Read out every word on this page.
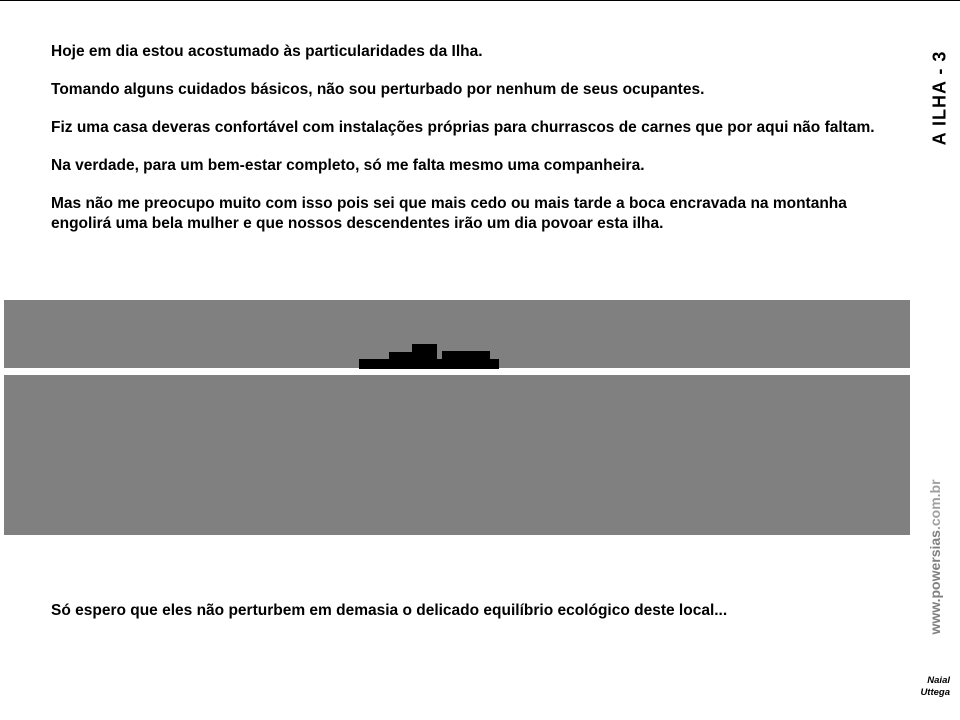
Hoje em dia estou acostumado às particularidades da Ilha.

Tomando alguns cuidados básicos, não sou perturbado por nenhum de seus ocupantes.

Fiz uma casa deveras confortável com instalações próprias para churrascos de carnes que por aqui não faltam.

Na verdade, para um bem-estar completo, só me falta mesmo uma companheira.

Mas não me preocupo muito com isso pois sei que mais cedo ou mais tarde a boca encravada na montanha engolirá uma bela mulher e que nossos descendentes irão um dia povoar esta ilha.

Só espero que eles não perturbem em demasia o delicado equilíbrio ecológico deste local...

A ILHA - 3
www.powersias.com.br
Naial
Uttega
